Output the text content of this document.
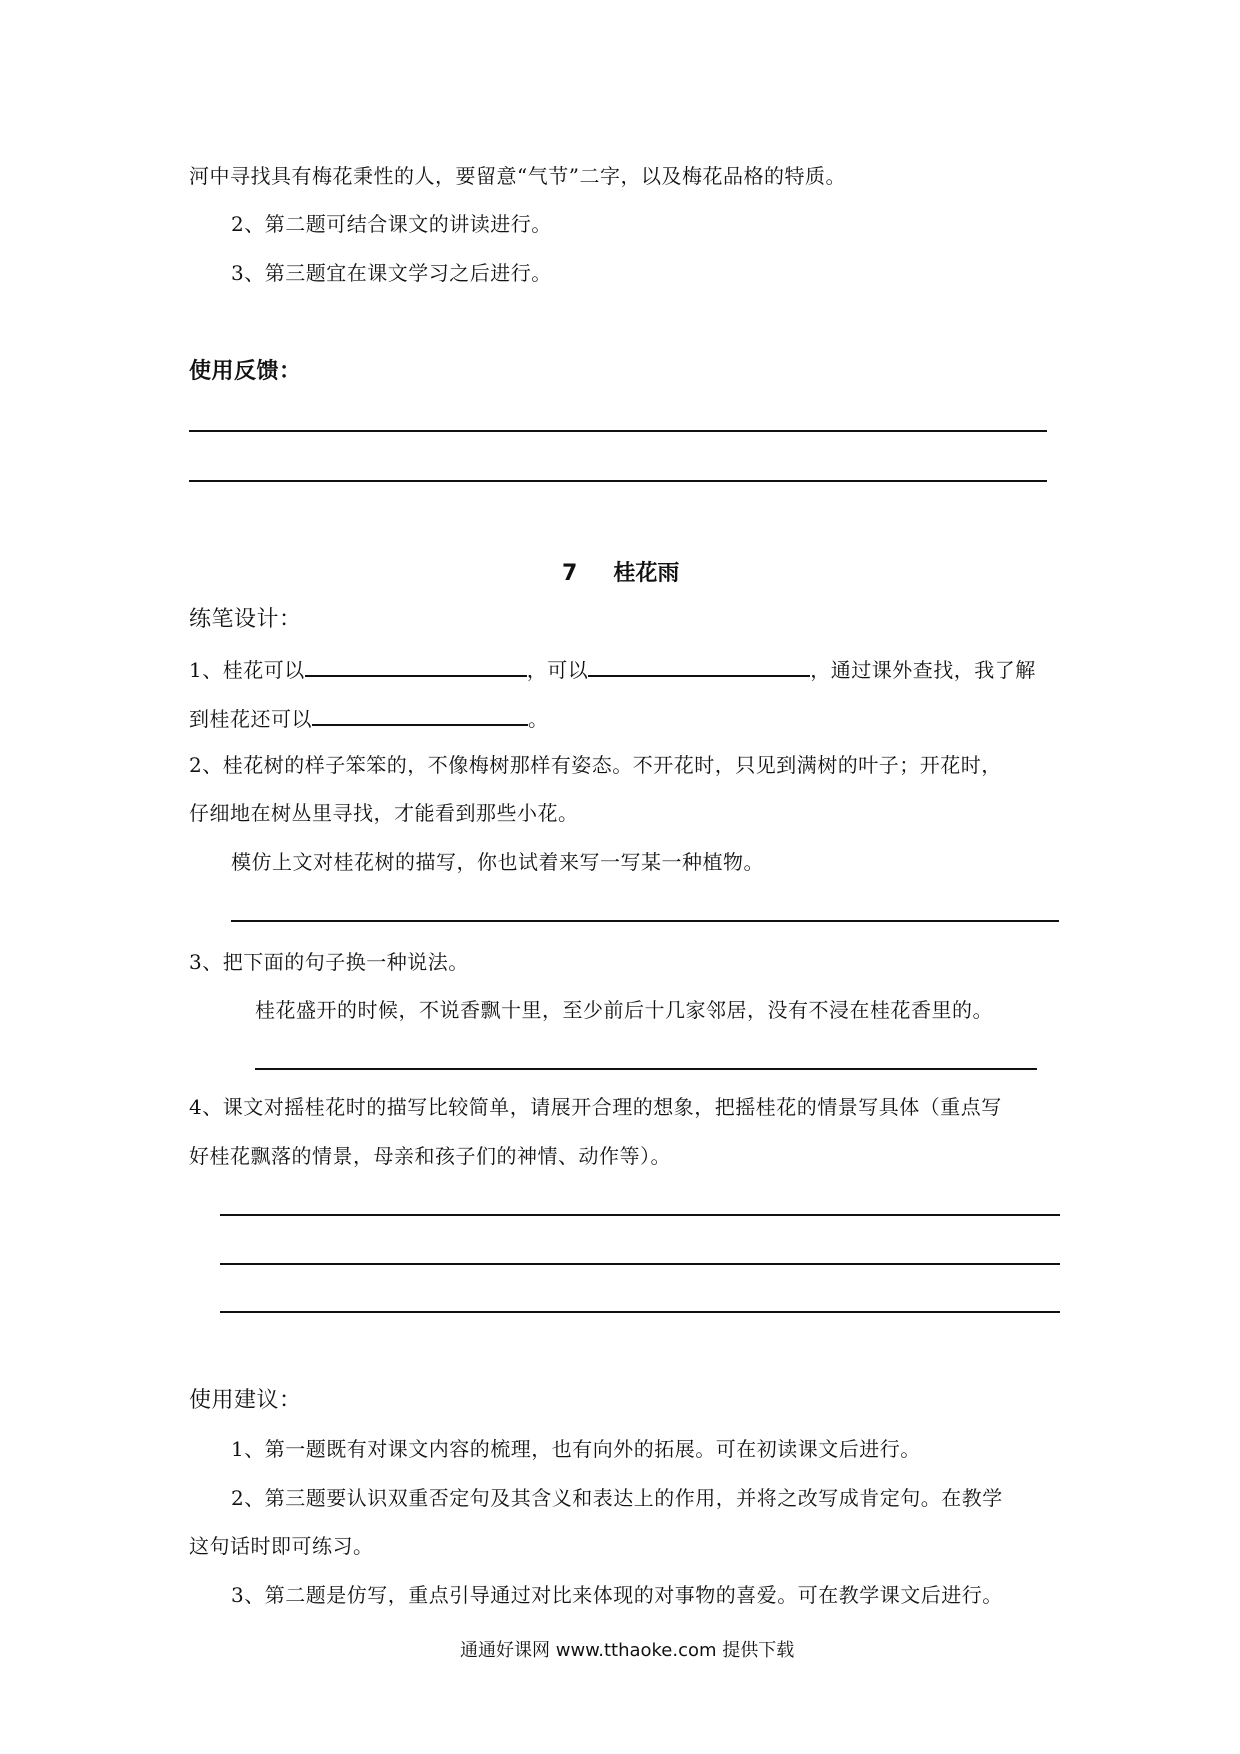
河中寻找具有梅花秉性的人，要留意“气节”二字，以及梅花品格的特质。
2、第二题可结合课文的讲读进行。
3、第三题宜在课文学习之后进行。
使用反馈：
7 桂花雨
练笔设计：
1、桂花可以	，可以	，通过课外查找，我了解
到桂花还可以	。
2、桂花树的样子笨笨的，不像梅树那样有姿态。不开花时，只见到满树的叶子；开花时，
仔细地在树丛里寻找，才能看到那些小花。
模仿上文对桂花树的描写，你也试着来写一写某一种植物。
3、把下面的句子换一种说法。
桂花盛开的时候，不说香飘十里，至少前后十几家邻居，没有不浸在桂花香里的。
4、课文对摇桂花时的描写比较简单，请展开合理的想象，把摇桂花的情景写具体（重点写
好桂花飘落的情景，母亲和孩子们的神情、动作等）。
使用建议：
1、第一题既有对课文内容的梳理，也有向外的拓展。可在初读课文后进行。
2、第三题要认识双重否定句及其含义和表达上的作用，并将之改写成肯定句。在教学
这句话时即可练习。
3、第二题是仿写，重点引导通过对比来体现的对事物的喜爱。可在教学课文后进行。
通通好课网 www.tthaoke.com 提供下载
